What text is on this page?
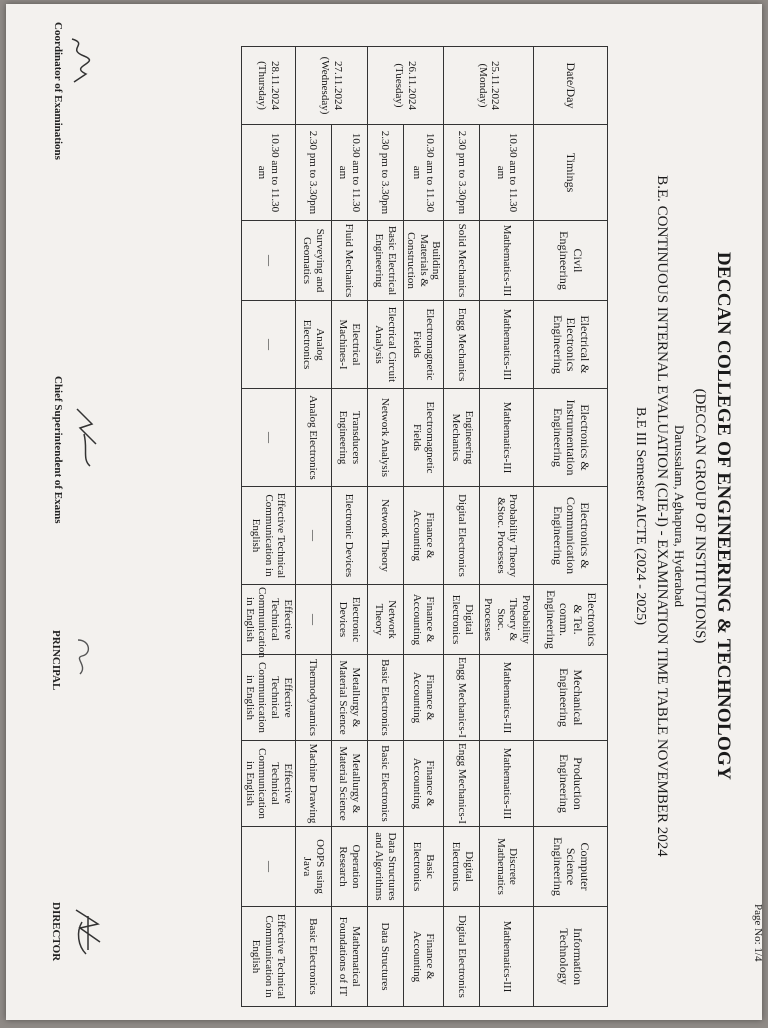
Page No: 1/4
DECCAN COLLEGE OF ENGINEERING & TECHNOLOGY
(DECCAN GROUP OF INSTITUTIONS)
Darussalam, Aghapura, Hyderabad
B.E. CONTINUOUS INTERNAL EVALUATION (CIE-I) - EXAMINATION TIME TABLE NOVEMBER 2024
B.E III Semester AICTE (2024 - 2025)
Date/Day	Timings	Civil Engineering	Electrical & Electronics Engineering	Electronics & Instrumentation Engineering	Electronics & Communication Engineering	Electronics & Tel. comm. Engineering	Mechanical Engineering	Production Engineering	Computer Science Engineering	Information Technology

25.11.2024
(Monday)	10.30 am to 11.30 am	Mathematics-III	Mathematics-III	Mathematics-III	Probability Theory &Stoc. Processes	Probability Theory & Stoc. Processes	Mathematics-III	Mathematics-III	Discrete Mathematics	Mathematics-III
	2.30 pm to 3.30pm	Solid Mechanics	Engg Mechanics	Engineering Mechanics	Digital Electronics	Digital Electronics	Engg Mechanics-I	Engg Mechanics-I	Digital Electronics	Digital Electronics

26.11.2024
(Tuesday)	10.30 am to 11.30 am	Building Materials & Construction	Electromagnetic Fields	Electromagnetic Fields	Finance & Accounting	Finance & Accounting	Finance & Accounting	Finance & Accounting	Basic Electronics	Finance & Accounting
	2.30 pm to 3.30pm	Basic Electrical Engineering	Electrical Circuit Analysis	Network Analysis	Network Theory	Network Theory	Basic Electronics	Basic Electronics	Data Structures and Algorithms	Data Structures

27.11.2024
(Wednesday)	10.30 am to 11.30 am	Fluid Mechanics	Electrical Machines-I	Transducers Engineering	Electronic Devices	Electronic Devices	Metallurgy & Material Science	Metallurgy & Material Science	Operation Research	Mathematical Foundations of IT
	2.30 pm to 3.30pm	Surveying and Geomatics	Analog Electronics	Analog Electronics	—	—	Thermodynamics	Machine Drawing	OOPS using Java	Basic Electronics

28.11.2024
(Thursday)	10.30 am to 11.30 am	—	—	—	Effective Technical Communication in English	Effective Technical Communication in English	Effective Technical Communication in English	Effective Technical Communication in English	—	Effective Technical Communication in English
Coordinator of Examinations
Chief Superintendent of Exams
PRINCIPAL
DIRECTOR
